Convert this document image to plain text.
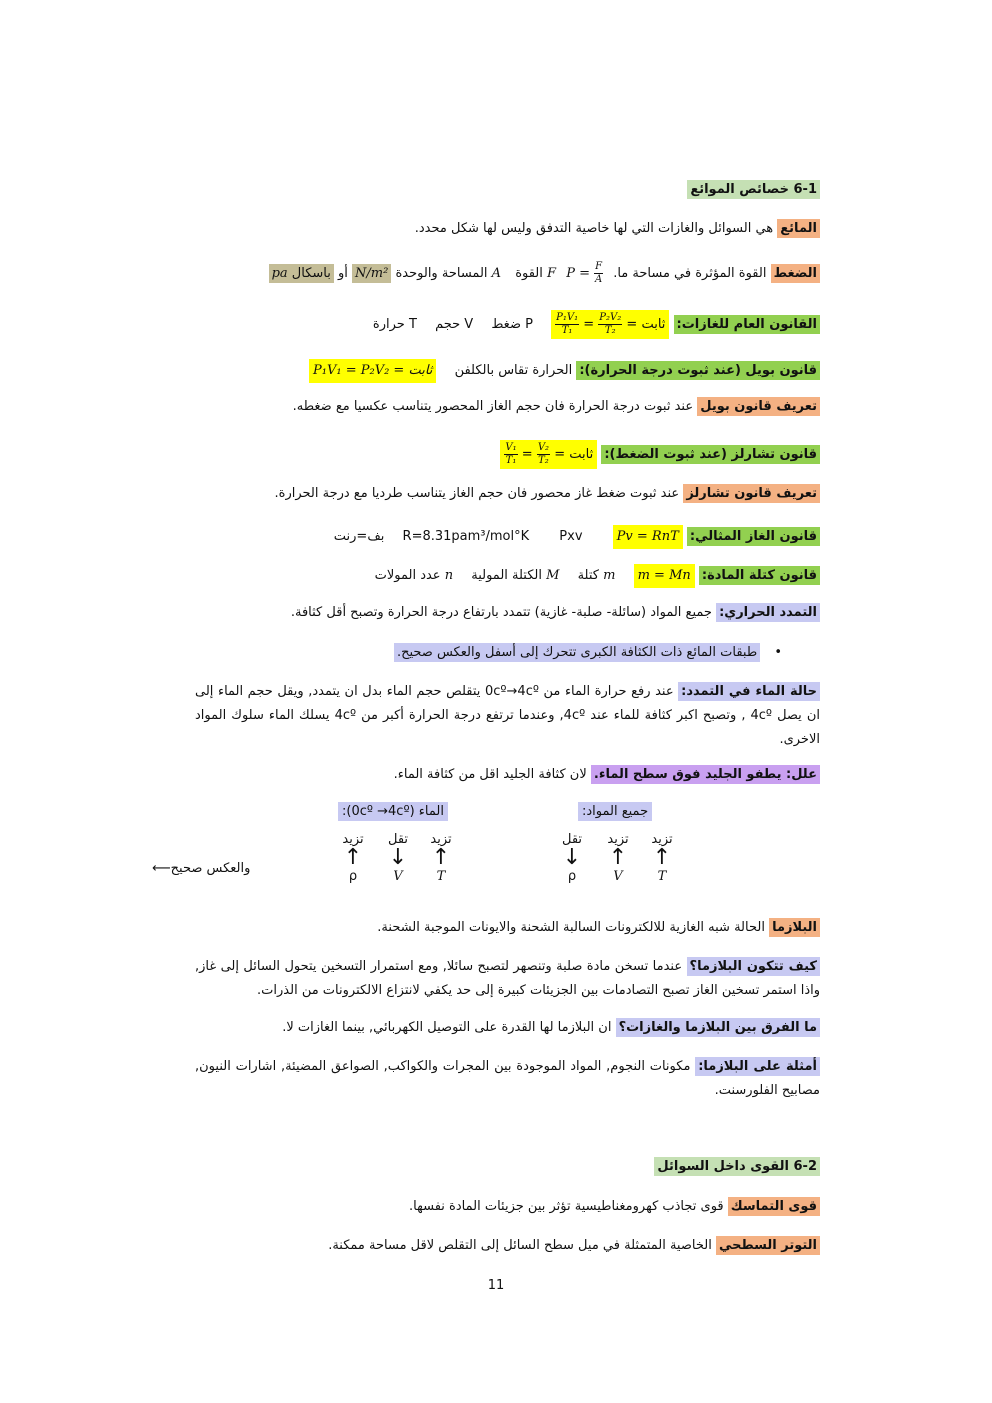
6-1 خصائص الموائع
المائع هي السوائل والغازات التي لها خاصية التدفق وليس لها شكل محدد.
الضغط القوة المؤثرة في مساحة ما. $P = \frac{F}{A}$
F القوة A المساحة والوحدة N/m² أو باسكال pa
القانون العام للغازات: ثابت =
$\frac{\text{P₂V₂}}{\text{T₂}}$
=
$\frac{\text{P₁V₁}}{\text{T₁}}$
P ضغط V حجم T حرارة
قانون بويل (عند ثبوت درجة الحرارة): الحرارة تقاس بالكلفن P₁V₁ = P₂V₂ = ثابت
تعريف قانون بويل عند ثبوت درجة الحرارة فان حجم الغاز المحصور يتناسب عكسيا مع ضغطه.
قانون تشارلز (عند ثبوت الضغط): ثابت =
$\frac{\text{V₂}}{\text{T₂}}$
=
$\frac{\text{V₁}}{\text{T₁}}$
تعريف قانون تشارلز عند ثبوت ضغط غاز محصور فان حجم الغاز يتناسب طرديا مع درجة الحرارة.
قانون الغاز المثالي: Pv = RnT Pxv R=8.31pam³/mol°K بف=رنت
قانون كتلة المادة: m = Mn m كتلة M الكتلة المولية n عدد المولات
التمدد الحراري: جميع المواد (سائلة- صلبة- غازية) تتمدد بارتفاع درجة الحرارة وتصبح أقل كثافة.
• طبقات المائع ذات الكثافة الكبرى تتحرك إلى أسفل والعكس صحيح.
حالة الماء في التمدد: عند رفع حرارة الماء من 0cº→4cº يتقلص حجم الماء بدل ان يتمدد, ويقل حجم الماء إلى ان يصل 4cº , وتصبح اكبر كثافة للماء عند 4cº, وعندما ترتفع درجة الحرارة أكبر من 4cº يسلك الماء سلوك المواد الاخرى.
علل: يطفو الجليد فوق سطح الماء. لان كثافة الجليد اقل من كثافة الماء.
الماء (0cº →4cº):	جميع المواد:
تزيد
↑
T
تقل
↓
V
تزيد
↑
ρ
تزيد
↑
T
تزيد
↑
V
تقل
↓
ρ
والعكس صحيح⟵
البلازما الحالة شبه الغازية للالكترونات السالبة الشحنة والايونات الموجبة الشحنة.
كيف تتكون البلازما؟ عندما تسخن مادة صلبة وتنصهر لتصبح سائلا, ومع استمرار التسخين يتحول السائل إلى غاز, واذا استمر تسخين الغاز تصبح التصادمات بين الجزيئات كبيرة إلى حد يكفي لانتزاع الالكترونات من الذرات.
ما الفرق بين البلازما والغازات؟ ان البلازما لها القدرة على التوصيل الكهربائي, بينما الغازات لا.
أمثلة على البلازما: مكونات النجوم, المواد الموجودة بين المجرات والكواكب, الصواعق المضيئة, اشارات النيون, مصابيح الفلورسنت.
6-2 القوى داخل السوائل
قوى التماسك قوى تجاذب كهرومغناطيسية تؤثر بين جزيئات المادة نفسها.
التوتر السطحي الخاصية المتمثلة في ميل سطح السائل إلى التقلص لاقل مساحة ممكنة.
11
